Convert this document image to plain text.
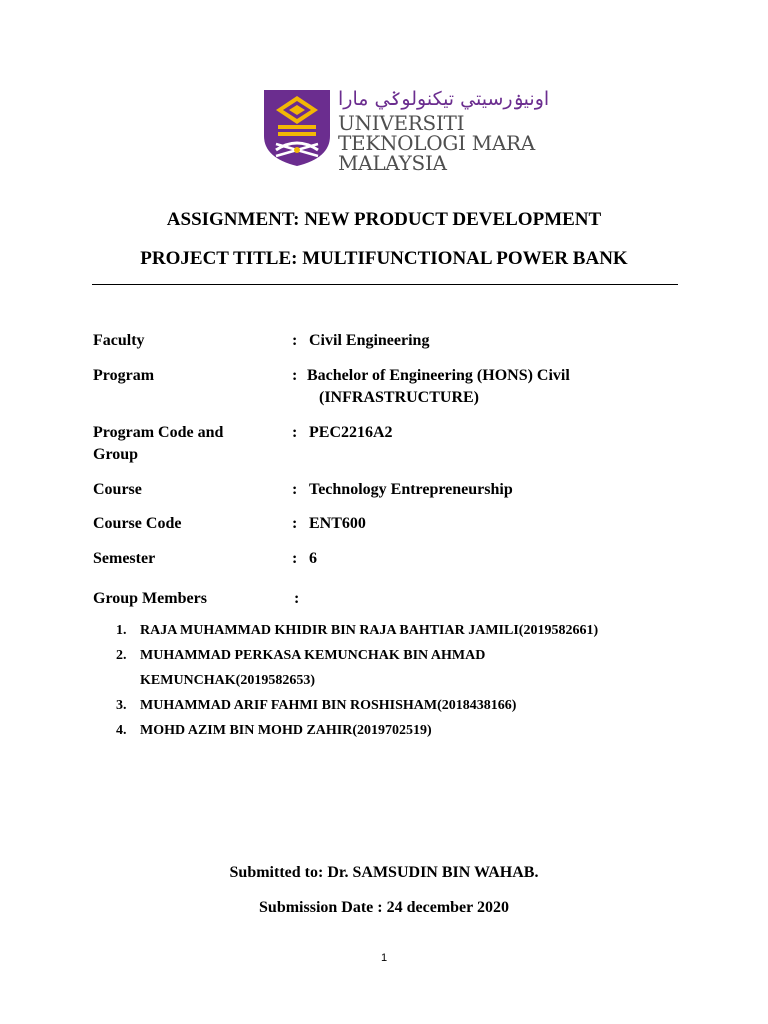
اونيۏرسيتي تيکنولوݢي مارا
UNIVERSITI
TEKNOLOGI MARA
MALAYSIA
ASSIGNMENT: NEW PRODUCT DEVELOPMENT
PROJECT TITLE: MULTIFUNCTIONAL POWER BANK
Faculty	: Civil Engineering
Program	: Bachelor of Engineering (HONS) Civil
(INFRASTRUCTURE)
Program Code and	: PEC2216A2
Group
Course	: Technology Entrepreneurship
Course Code	: ENT600
Semester	: 6
Group Members	:
1. RAJA MUHAMMAD KHIDIR BIN RAJA BAHTIAR JAMILI(2019582661)
2. MUHAMMAD PERKASA KEMUNCHAK BIN AHMAD
KEMUNCHAK(2019582653)
3. MUHAMMAD ARIF FAHMI BIN ROSHISHAM(2018438166)
4. MOHD AZIM BIN MOHD ZAHIR(2019702519)
Submitted to: Dr. SAMSUDIN BIN WAHAB.
Submission Date : 24 december 2020
1
